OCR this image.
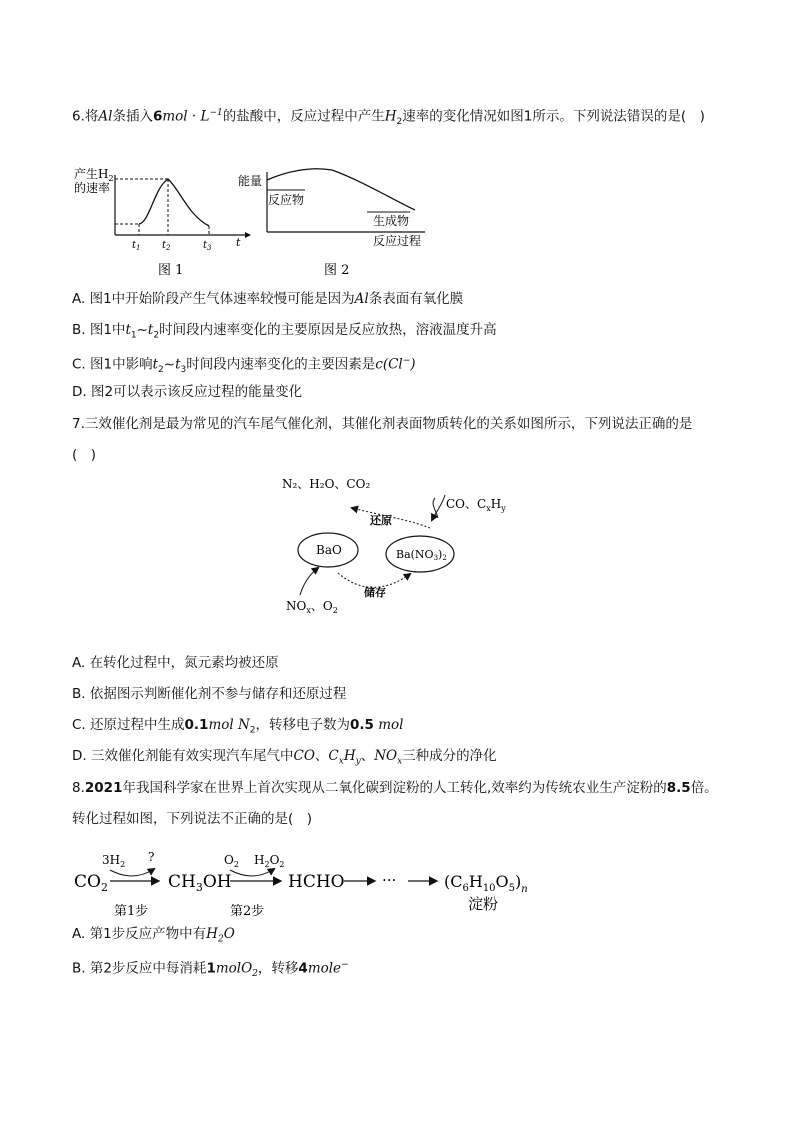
6.将Al条插入$6mol \cdot L^{-1}$的盐酸中，反应过程中产生$H_2$速率的变化情况如图1所示。下列说法错误的是(　)
产生$H_2$
的速率
t
$t_1$ $t_2$	$t_3$
图 1
能量
反应物
生成物
反应过程
图 2
A. 图1中开始阶段产生气体速率较慢可能是因为Al条表面有氧化膜
B. 图1中$t_1\sim t_2$时间段内速率变化的主要原因是反应放热，溶液温度升高
C. 图1中影响$t_2\sim t_3$时间段内速率变化的主要因素是c(Cl−)
D. 图2可以表示该反应过程的能量变化
7.三效催化剂是最为常见的汽车尾气催化剂，其催化剂表面物质转化的关系如图所示，下列说法正确的是
(　)
N₂、H₂O、CO₂
CO、$C_xH_y$
还原
BaO	Ba(NO3)2
储存
$NO_x$、$O_2$
A. 在转化过程中，氮元素均被还原
B. 依据图示判断催化剂不参与储存和还原过程
C. 还原过程中生成0.1mol $N_2$，转移电子数为0.5 mol
D. 三效催化剂能有效实现汽车尾气中CO、$C_xH_y$、$NO_x$三种成分的净化
8.2021年我国科学家在世界上首次实现从二氧化碳到淀粉的人工转化,效率约为传统农业生产淀粉的8.5倍。
转化过程如图，下列说法不正确的是(　)
$CO_2$
$3H_2$
?
$CH_3OH$
$O_2$ $H_2O_2$
HCHO ···	$(C_6H_{10}O_5)_n$
淀粉
第1步	第2步
A. 第1步反应产物中有$H_2O$
B. 第2步反应中每消耗1molO$_2$，转移4mole−
